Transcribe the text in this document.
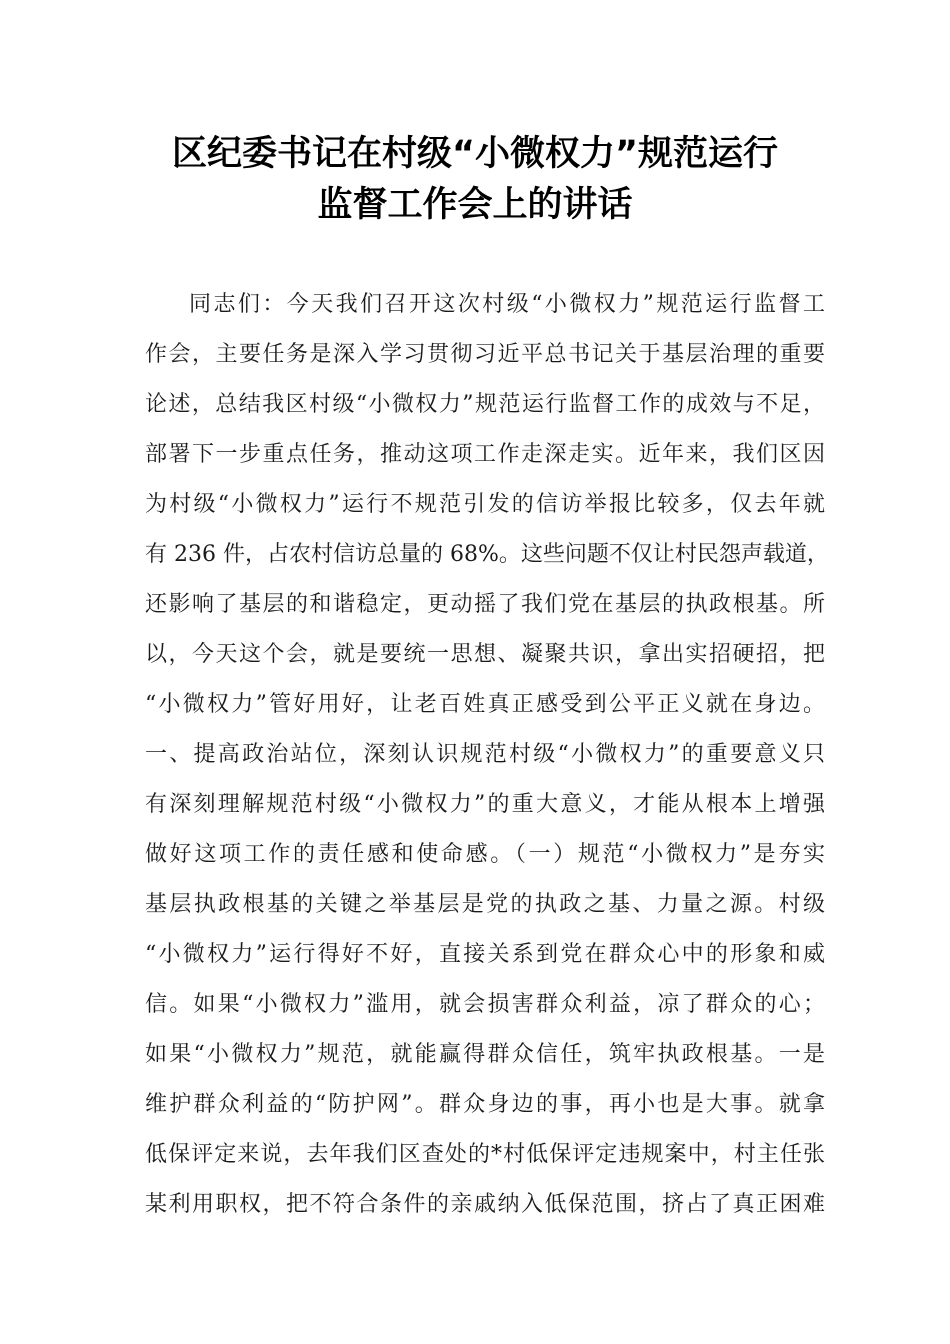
区纪委书记在村级“小微权力”规范运行
监督工作会上的讲话
同志们：今天我们召开这次村级“小微权力”规范运行监督工
作会，主要任务是深入学习贯彻习近平总书记关于基层治理的重要
论述，总结我区村级“小微权力”规范运行监督工作的成效与不足，
部署下一步重点任务，推动这项工作走深走实。近年来，我们区因
为村级“小微权力”运行不规范引发的信访举报比较多，仅去年就
有 236 件，占农村信访总量的 68%。这些问题不仅让村民怨声载道，
还影响了基层的和谐稳定，更动摇了我们党在基层的执政根基。所
以，今天这个会，就是要统一思想、凝聚共识，拿出实招硬招，把
“小微权力”管好用好，让老百姓真正感受到公平正义就在身边。
一、提高政治站位，深刻认识规范村级“小微权力”的重要意义只
有深刻理解规范村级“小微权力”的重大意义，才能从根本上增强
做好这项工作的责任感和使命感。（一）规范“小微权力”是夯实
基层执政根基的关键之举基层是党的执政之基、力量之源。村级
“小微权力”运行得好不好，直接关系到党在群众心中的形象和威
信。如果“小微权力”滥用，就会损害群众利益，凉了群众的心；
如果“小微权力”规范，就能赢得群众信任，筑牢执政根基。一是
维护群众利益的“防护网”。群众身边的事，再小也是大事。就拿
低保评定来说，去年我们区查处的*村低保评定违规案中，村主任张
某利用职权，把不符合条件的亲戚纳入低保范围，挤占了真正困难
